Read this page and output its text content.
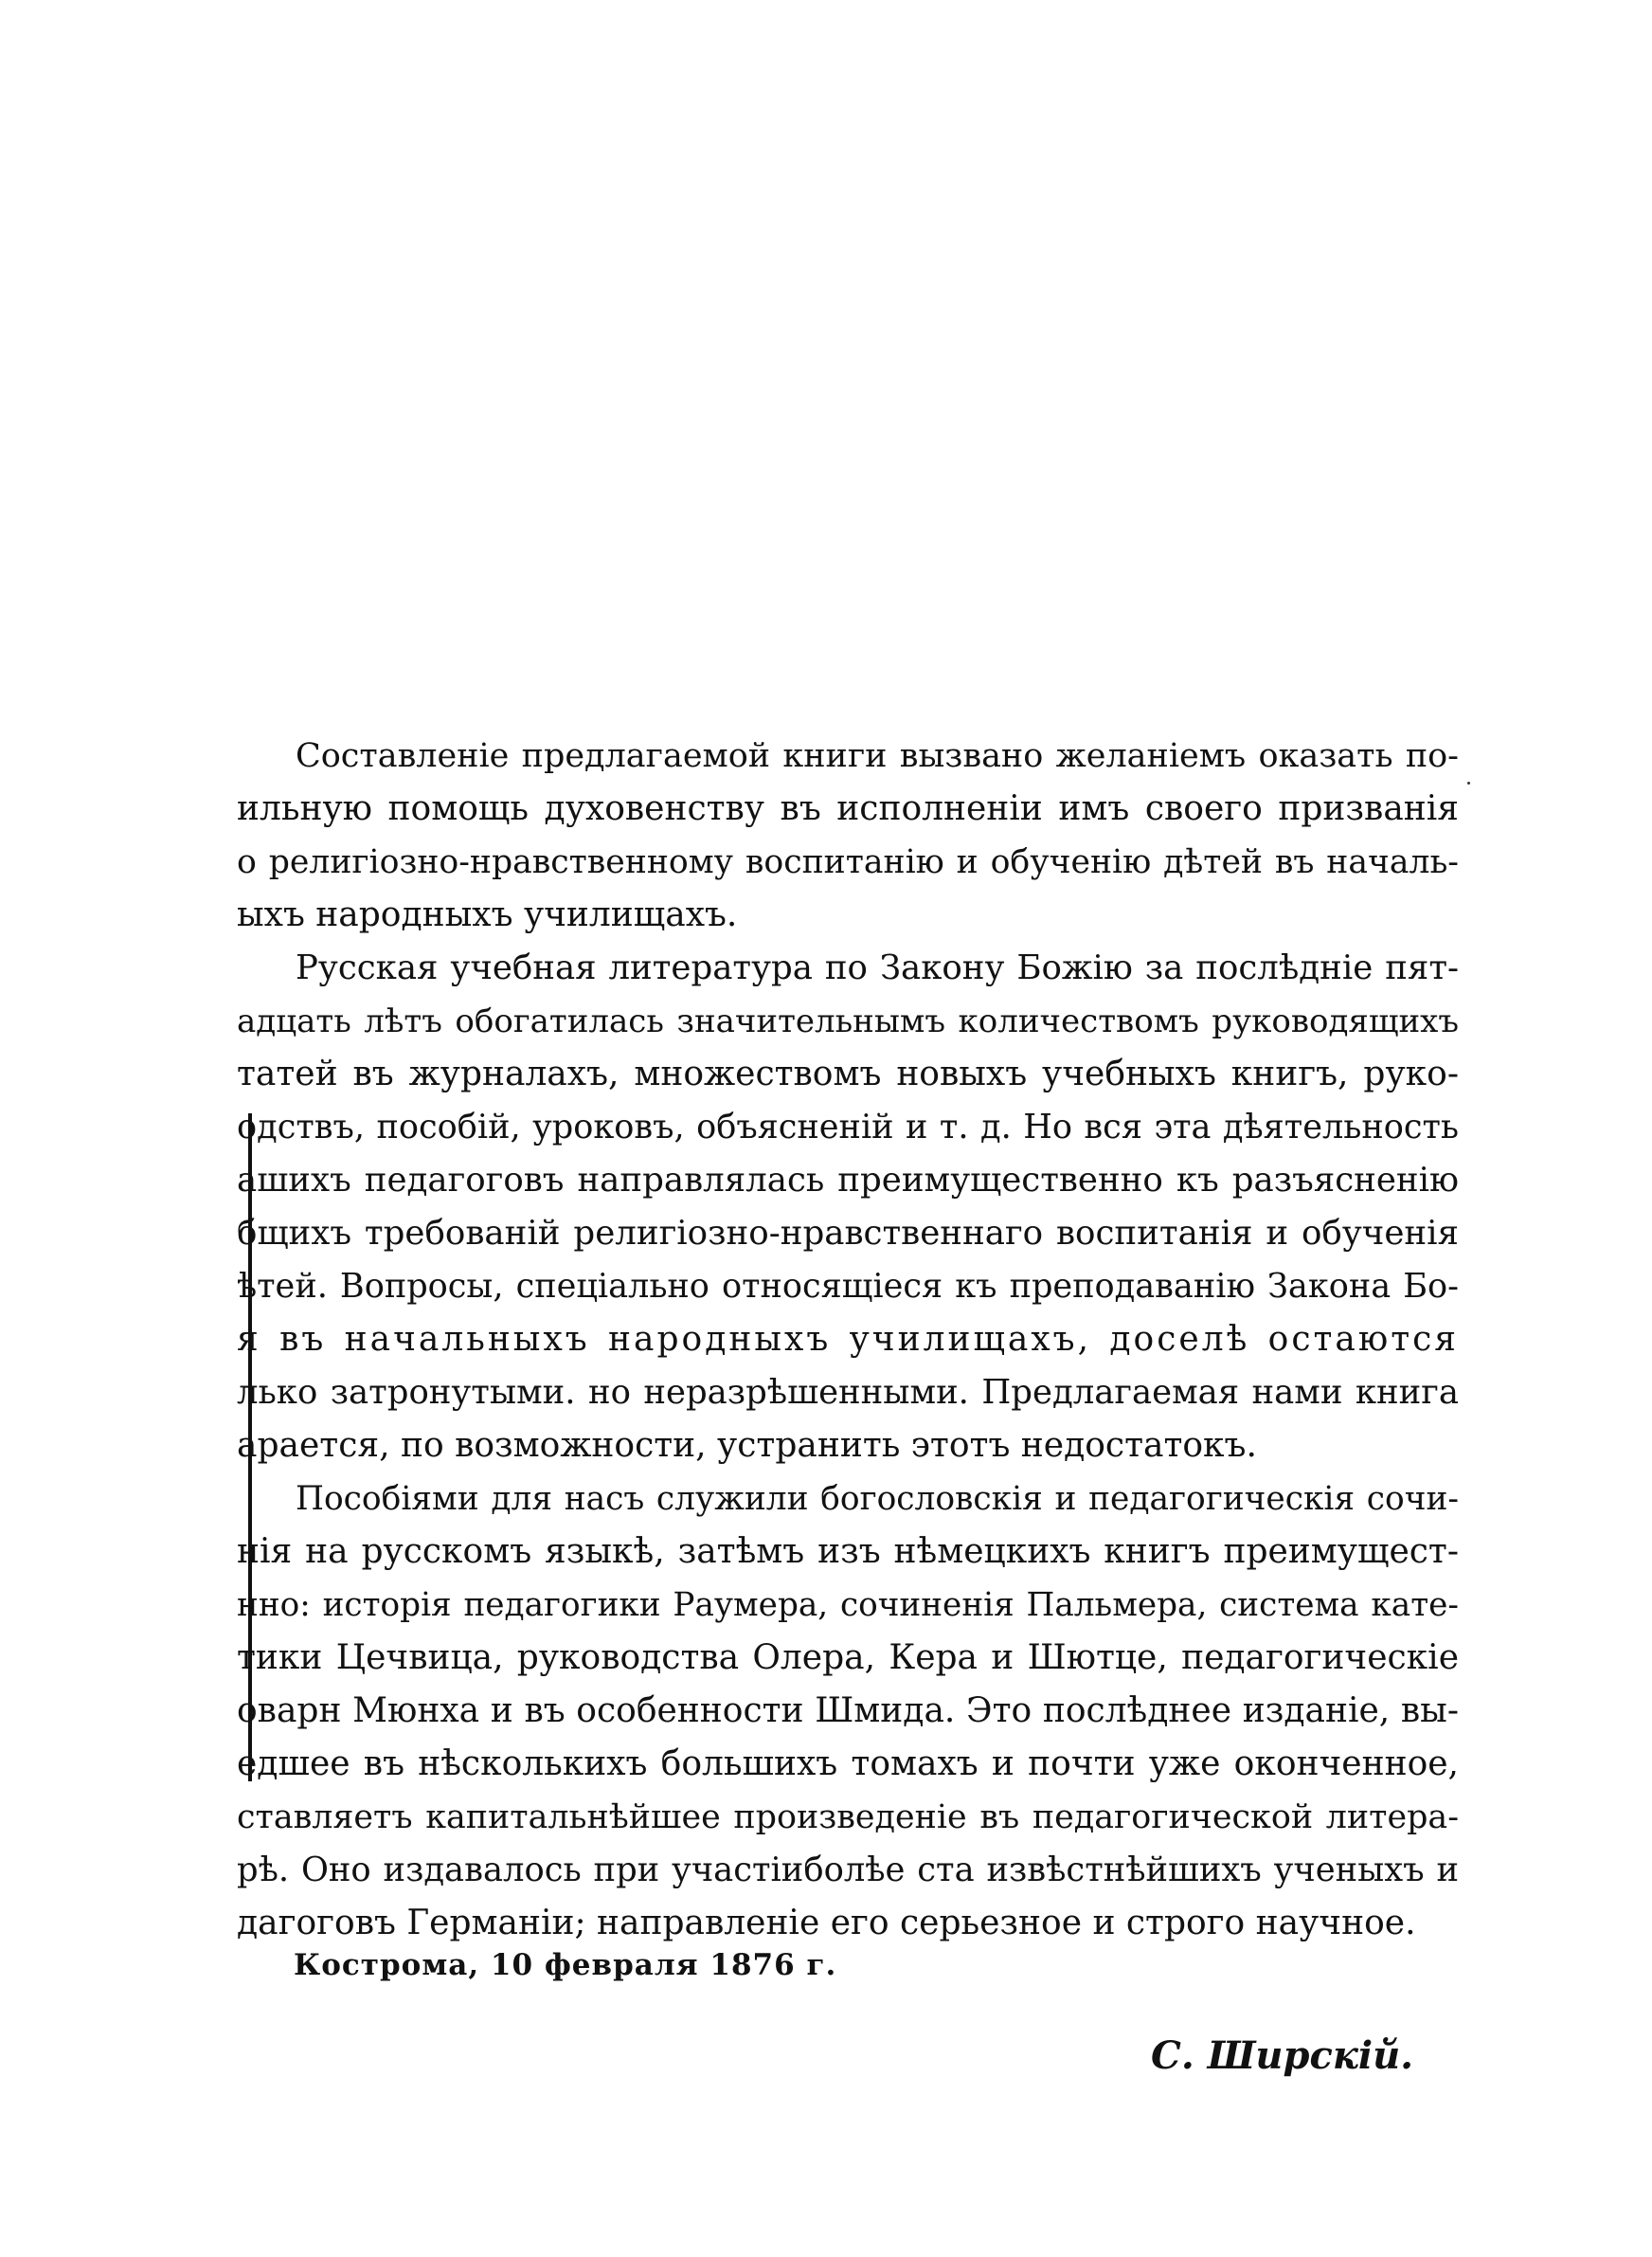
Составленіе предлагаемой книги вызвано желаніемъ оказать по-
ильную помощь духовенству въ исполненіи имъ своего призванія
о религіозно-нравственному воспитанію и обученію дѣтей въ началь-
ыхъ народныхъ училищахъ.
Русская учебная литература по Закону Божію за послѣдніе пят-
адцать лѣтъ обогатилась значительнымъ количествомъ руководящихъ
татей въ журналахъ, множествомъ новыхъ учебныхъ книгъ, руко-
одствъ, пособій, уроковъ, объясненій и т. д. Но вся эта дѣятельность
ашихъ педагоговъ направлялась преимущественно къ разъясненію
бщихъ требованій религіозно-нравственнаго воспитанія и обученія
ѣтей. Вопросы, спеціально относящіеся къ преподаванію Закона Бо-
я въ начальныхъ народныхъ училищахъ, доселѣ остаются
лько затронутыми. но неразрѣшенными. Предлагаемая нами книга
арается, по возможности, устранить этотъ недостатокъ.
Пособіями для насъ служили богословскія и педагогическія сочи-
нія на русскомъ языкѣ, затѣмъ изъ нѣмецкихъ книгъ преимущест-
нно: исторія педагогики Раумера, сочиненія Пальмера, система кате-
тики Цечвица, руководства Олера, Кера и Шютце, педагогическіе
оварн Мюнха и въ особенности Шмида. Это послѣднее изданіе, вы-
едшее въ нѣсколькихъ большихъ томахъ и почти уже оконченное,
ставляетъ капитальнѣйшее произведеніе въ педагогической литера-
рѣ. Оно издавалось при участіиболѣе ста извѣстнѣйшихъ ученыхъ и
дагоговъ Германіи; направленіе его серьезное и строго научное.
Кострома, 10 февраля 1876 г.
С. Ширскій.
